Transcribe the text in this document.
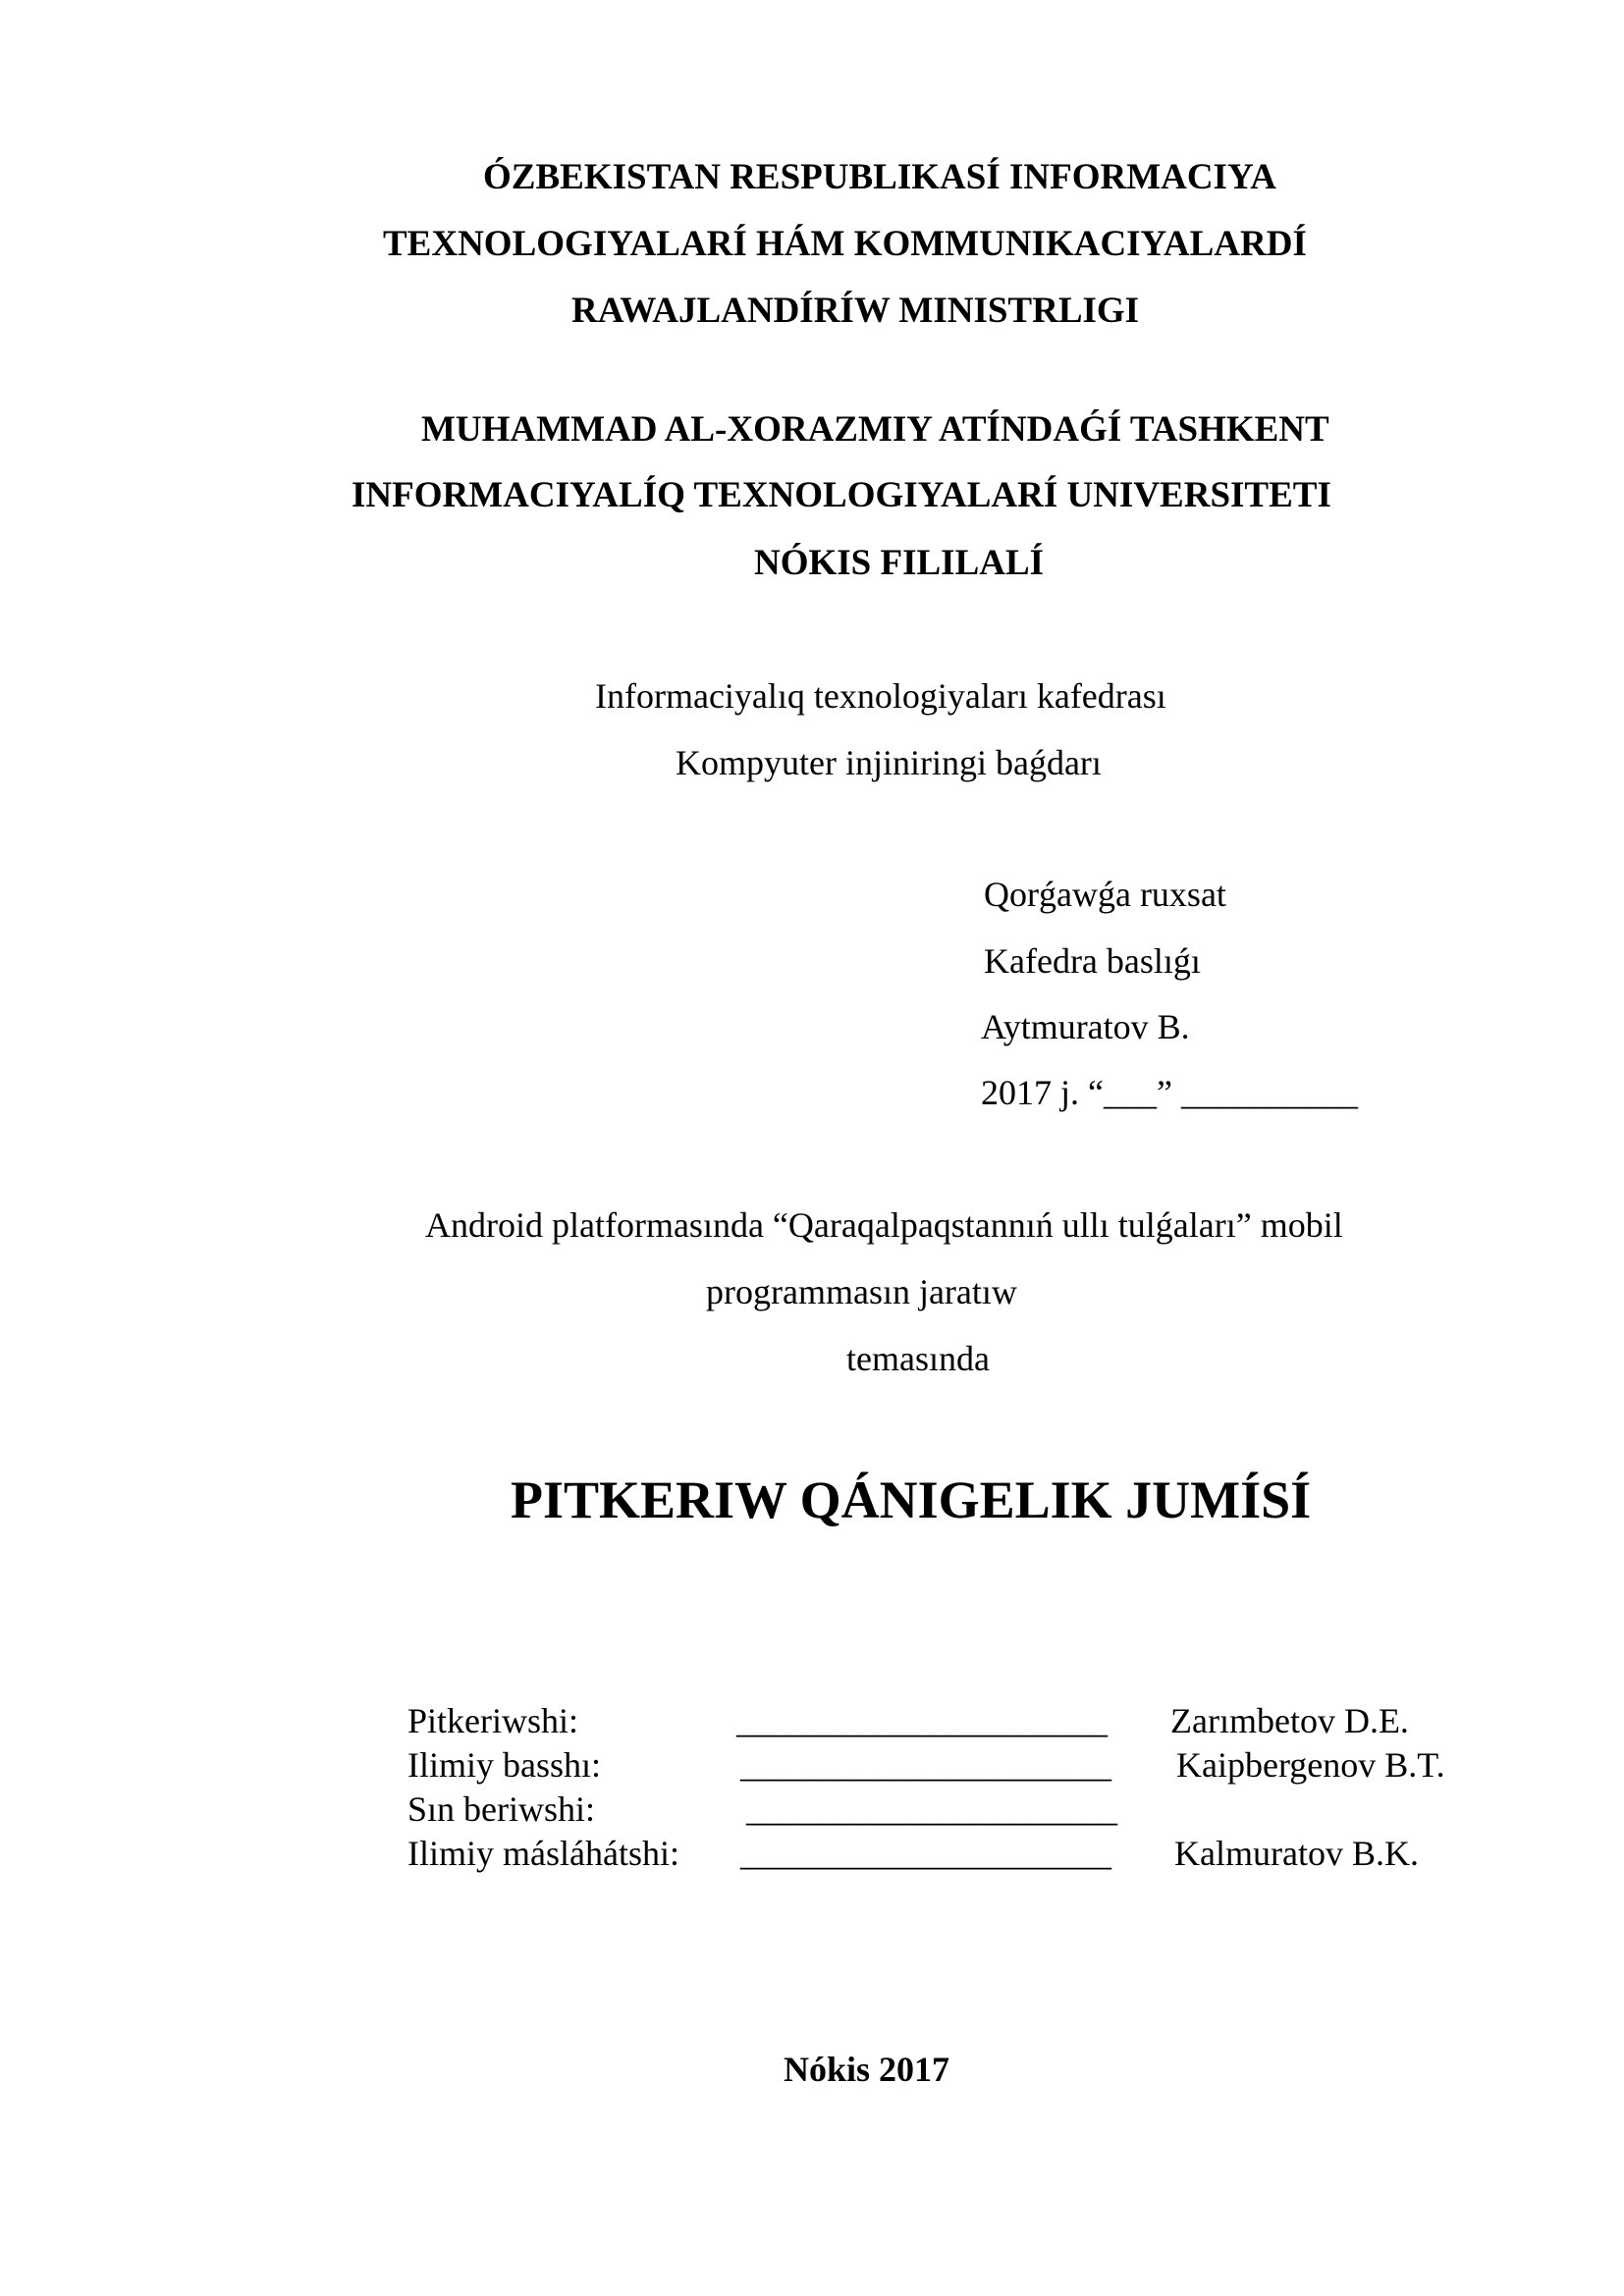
ÓZBEKISTAN RESPUBLIKASÍ INFORMACIYA
TEXNOLOGIYALARÍ HÁM KOMMUNIKACIYALARDÍ
RAWAJLANDÍRÍW MINISTRLIGI
MUHAMMAD AL-XORAZMIY ATÍNDAǴÍ TASHKENT
INFORMACIYALÍQ TEXNOLOGIYALARÍ UNIVERSITETI
NÓKIS FILILALÍ
Informaciyalıq texnologiyaları kafedrası
Kompyuter injiniringi baǵdarı
Qorǵawǵa ruxsat
Kafedra baslıǵı
Aytmuratov B.
2017 j. “___” __________
Android platformasında “Qaraqalpaqstannıń ullı tulǵaları” mobil
programmasın jaratıw
temasında
PITKERIW QÁNIGELIK JUMÍSÍ
Pitkeriwshi:	_____________________ Zarımbetov D.E.
Ilimiy basshı:	_____________________ Kaipbergenov B.T.
Sın beriwshi:	_____________________
Ilimiy másláhátshi: _____________________ Kalmuratov B.K.
Nókis 2017
